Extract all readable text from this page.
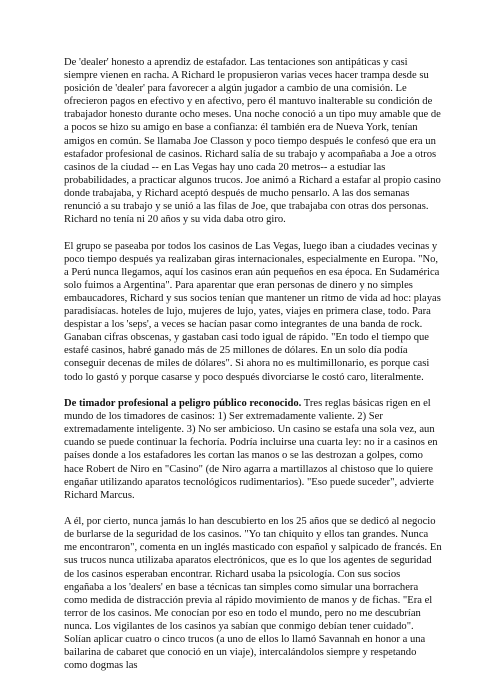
De 'dealer' honesto a aprendiz de estafador. Las tentaciones son antipáticas y casi siempre vienen en racha. A Richard le propusieron varias veces hacer trampa desde su posición de 'dealer' para favorecer a algún jugador a cambio de una comisión. Le ofrecieron pagos en efectivo y en afectivo, pero él mantuvo inalterable su condición de trabajador honesto durante ocho meses. Una noche conoció a un tipo muy amable que de a pocos se hizo su amigo en base a confianza: él también era de Nueva York, tenían amigos en común. Se llamaba Joe Classon y poco tiempo después le confesó que era un estafador profesional de casinos. Richard salía de su trabajo y acompañaba a Joe a otros casinos de la ciudad -- en Las Vegas hay uno cada 20 metros-- a estudiar las probabilidades, a practicar algunos trucos. Joe animó a Richard a estafar al propio casino donde trabajaba, y Richard aceptó después de mucho pensarlo. A las dos semanas renunció a su trabajo y se unió a las filas de Joe, que trabajaba con otras dos personas. Richard no tenía ni 20 años y su vida daba otro giro.

El grupo se paseaba por todos los casinos de Las Vegas, luego iban a ciudades vecinas y poco tiempo después ya realizaban giras internacionales, especialmente en Europa. "No, a Perú nunca llegamos, aquí los casinos eran aún pequeños en esa época. En Sudamérica solo fuimos a Argentina". Para aparentar que eran personas de dinero y no simples embaucadores, Richard y sus socios tenían que mantener un ritmo de vida ad hoc: playas paradisíacas. hoteles de lujo, mujeres de lujo, yates, viajes en primera clase, todo. Para despistar a los 'seps', a veces se hacían pasar como integrantes de una banda de rock. Ganaban cifras obscenas, y gastaban casi todo igual de rápido. "En todo el tiempo que estafé casinos, habré ganado más de 25 millones de dólares. En un solo día podía conseguir decenas de miles de dólares". Si ahora no es multimillonario, es porque casi todo lo gastó y porque casarse y poco después divorciarse le costó caro, literalmente.

De timador profesional a peligro público reconocido. Tres reglas básicas rigen en el mundo de los timadores de casinos: 1) Ser extremadamente valiente. 2) Ser extremadamente inteligente. 3) No ser ambicioso. Un casino se estafa una sola vez, aun cuando se puede continuar la fechoría. Podría incluirse una cuarta ley: no ir a casinos en países donde a los estafadores les cortan las manos o se las destrozan a golpes, como hace Robert de Niro en "Casino" (de Niro agarra a martillazos al chistoso que lo quiere engañar utilizando aparatos tecnológicos rudimentarios). "Eso puede suceder", advierte Richard Marcus.

A él, por cierto, nunca jamás lo han descubierto en los 25 años que se dedicó al negocio de burlarse de la seguridad de los casinos. "Yo tan chiquito y ellos tan grandes. Nunca me encontraron", comenta en un inglés masticado con español y salpicado de francés. En sus trucos nunca utilizaba aparatos electrónicos, que es lo que los agentes de seguridad de los casinos esperaban encontrar. Richard usaba la psicología. Con sus socios engañaba a los 'dealers' en base a técnicas tan simples como simular una borrachera como medida de distracción previa al rápido movimiento de manos y de fichas. "Era el terror de los casinos. Me conocían por eso en todo el mundo, pero no me descubrían nunca. Los vigilantes de los casinos ya sabían que conmigo debían tener cuidado". Solían aplicar cuatro o cinco trucos (a uno de ellos lo llamó Savannah en honor a una bailarina de cabaret que conoció en un viaje), intercalándolos siempre y respetando como dogmas las
